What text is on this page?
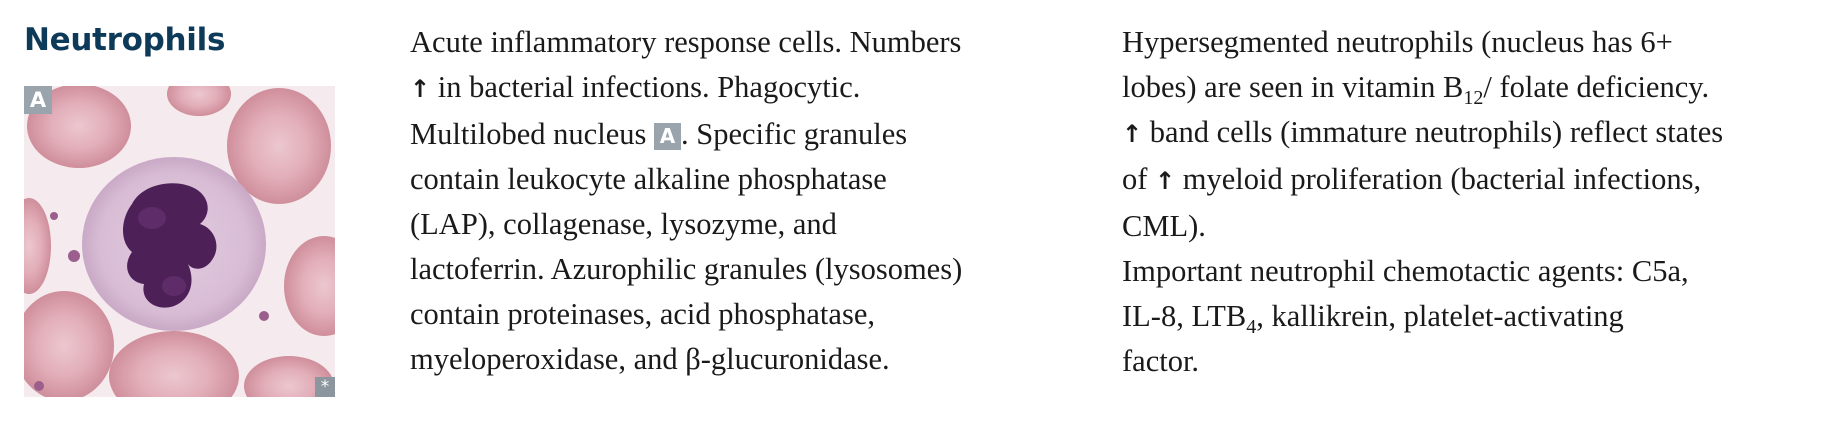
Neutrophils
A
*
Acute inflammatory response cells. Numbers
↑ in bacterial infections. Phagocytic.
Multilobed nucleus A . Specific granules
contain leukocyte alkaline phosphatase
(LAP), collagenase, lysozyme, and
lactoferrin. Azurophilic granules (lysosomes)
contain proteinases, acid phosphatase,
myeloperoxidase, and β-glucuronidase.
Hypersegmented neutrophils (nucleus has 6+
lobes) are seen in vitamin $B_{12}/$ folate deficiency.
↑ band cells (immature neutrophils) reflect states
of ↑ myeloid proliferation (bacterial infections,
CML).
Important neutrophil chemotactic agents: C5a,
IL-8, $LTB_4$, kallikrein, platelet-activating
factor.
